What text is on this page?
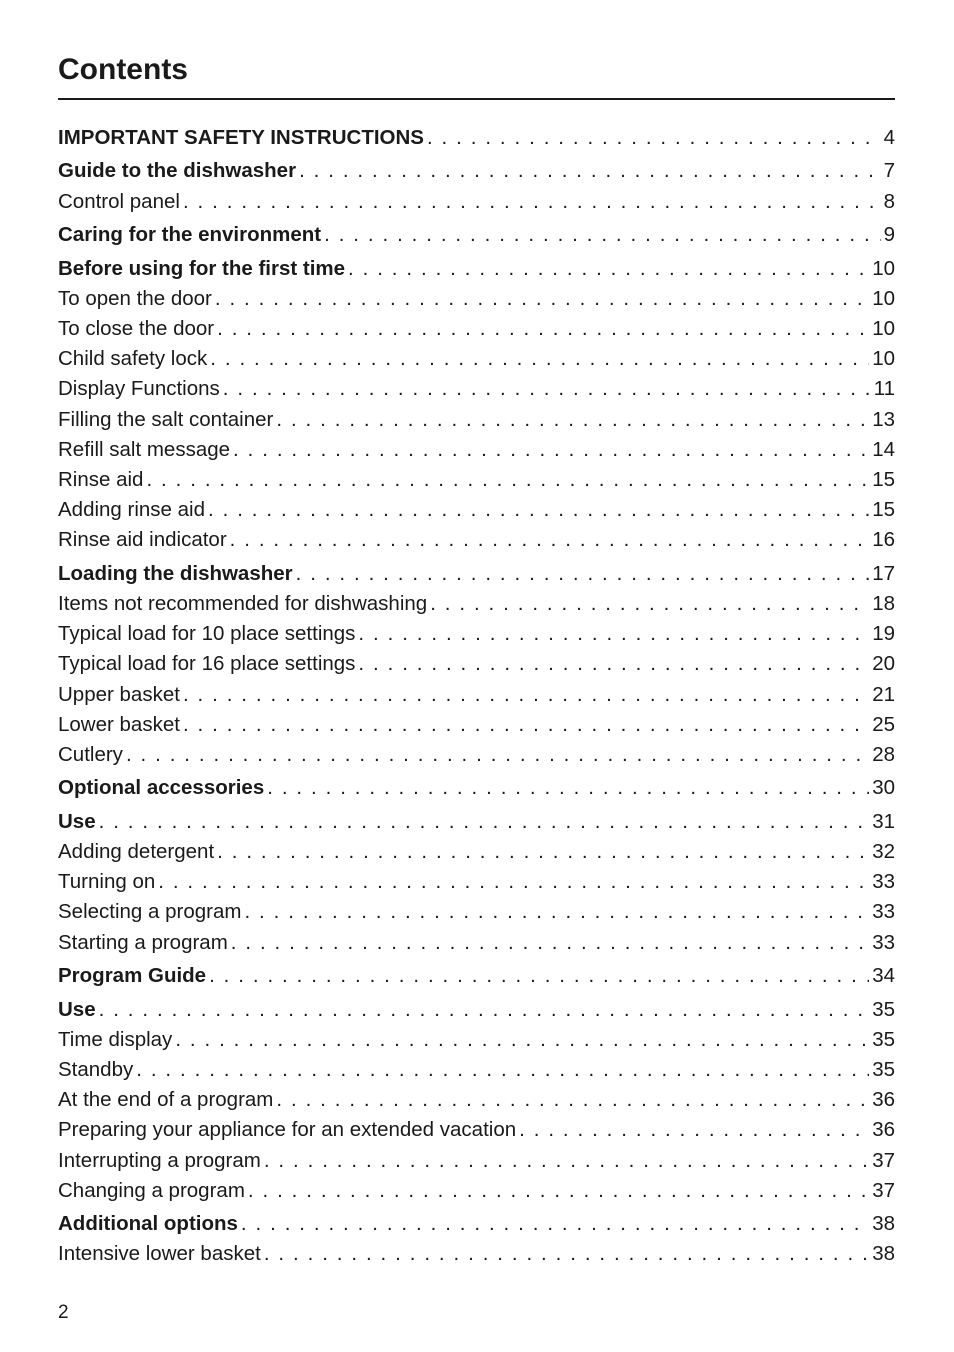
Contents
IMPORTANT SAFETY INSTRUCTIONS . . .	4
Guide to the dishwasher . . .	7
Control panel . . .	8
Caring for the environment . . .	9
Before using for the first time . . .	10
To open the door . . .	10
To close the door . . .	10
Child safety lock . . .	10
Display Functions . . .	11
Filling the salt container . . .	13
Refill salt message . . .	14
Rinse aid . . .	15
Adding rinse aid . . .	15
Rinse aid indicator . . .	16
Loading the dishwasher . . .	17
Items not recommended for dishwashing . . .	18
Typical load for 10 place settings . . .	19
Typical load for 16 place settings . . .	20
Upper basket . . .	21
Lower basket . . .	25
Cutlery . . .	28
Optional accessories . . .	30
Use . . .	31
Adding detergent . . .	32
Turning on . . .	33
Selecting a program . . .	33
Starting a program . . .	33
Program Guide . . .	34
Use . . .	35
Time display . . .	35
Standby . . .	35
At the end of a program . . .	36
Preparing your appliance for an extended vacation . . .	36
Interrupting a program . . .	37
Changing a program . . .	37
Additional options . . .	38
Intensive lower basket . . .	38
2
